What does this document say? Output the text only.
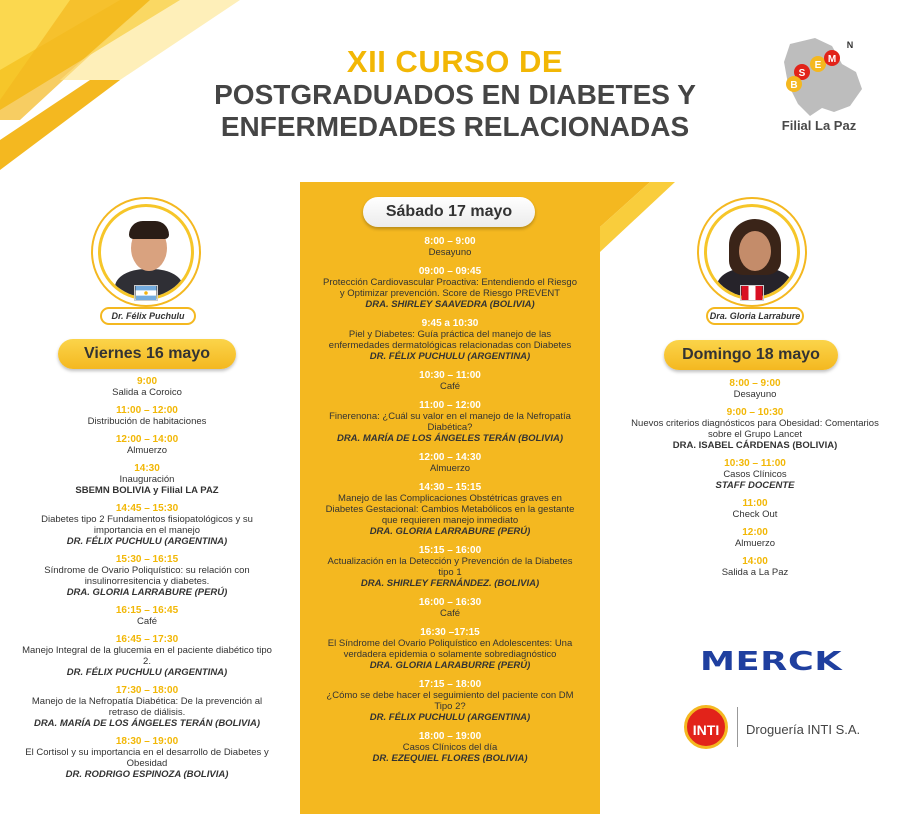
XII CURSO DE
POSTGRADUADOS EN DIABETES Y
ENFERMEDADES RELACIONADAS
S
E
M
N
B
Filial La Paz
Dr. Félix Puchulu	Dra. Gloria Larrabure
Viernes 16 mayo
Sábado 17 mayo
Domingo 18 mayo
9:00
Salida a Coroico
11:00 – 12:00
Distribución de habitaciones
12:00 – 14:00
Almuerzo
14:30
Inauguración
SBEMN BOLIVIA y Filial LA PAZ
14:45 – 15:30
Diabetes tipo 2 Fundamentos fisiopatológicos y su importancia en el manejo
DR. FÉLIX PUCHULU (ARGENTINA)
15:30 – 16:15
Síndrome de Ovario Poliquístico: su relación con insulinorresitencia y diabetes.
DRA. GLORIA LARRABURE (PERÚ)
16:15 – 16:45
Café
16:45 – 17:30
Manejo Integral de la glucemia en el paciente diabético tipo 2.
DR. FÉLIX PUCHULU (ARGENTINA)
17:30 – 18:00
Manejo de la Nefropatía Diabética: De la prevención al retraso de diálisis.
DRA. MARÍA DE LOS ÁNGELES TERÁN (BOLIVIA)
18:30 – 19:00
El Cortisol y su importancia en el desarrollo de Diabetes y Obesidad
DR. RODRIGO ESPINOZA (BOLIVIA)
8:00 – 9:00
Desayuno
09:00 – 09:45
Protección Cardiovascular Proactiva: Entendiendo el Riesgo y Optimizar prevención. Score de Riesgo PREVENT
DRA. SHIRLEY SAAVEDRA (BOLIVIA)
9:45 a 10:30
Piel y Diabetes: Guía práctica del manejo de las enfermedades dermatológicas relacionadas con Diabetes
DR. FÉLIX PUCHULU (ARGENTINA)
10:30 – 11:00
Café
11:00 – 12:00
Finerenona: ¿Cuál su valor en el manejo de la Nefropatía Diabética?
DRA. MARÍA DE LOS ÁNGELES TERÁN (BOLIVIA)
12:00 – 14:30
Almuerzo
14:30 – 15:15
Manejo de las Complicaciones Obstétricas graves en Diabetes Gestacional: Cambios Metabólicos en la gestante que requieren manejo inmediato
DRA. GLORIA LARRABURE (PERÚ)
15:15 – 16:00
Actualización en la Detección y Prevención de la Diabetes tipo 1
DRA. SHIRLEY FERNÁNDEZ. (BOLIVIA)
16:00 – 16:30
Café
16:30 –17:15
El Síndrome del Ovario Poliquístico en Adolescentes: Una verdadera epidemia o solamente sobrediagnóstico
DRA. GLORIA LARABURRE (PERÚ)
17:15 – 18:00
¿Cómo se debe hacer el seguimiento del paciente con DM Tipo 2?
DR. FÉLIX PUCHULU (ARGENTINA)
18:00 – 19:00
Casos Clínicos del día
DR. EZEQUIEL FLORES (BOLIVIA)
8:00 – 9:00
Desayuno
9:00 – 10:30
Nuevos criterios diagnósticos para Obesidad: Comentarios sobre el Grupo Lancet
DRA. ISABEL CÁRDENAS (BOLIVIA)
10:30 – 11:00
Casos Clínicos
STAFF DOCENTE
11:00
Check Out
12:00
Almuerzo
14:00
Salida a La Paz
MERCK
INTI	Droguería INTI S.A.
